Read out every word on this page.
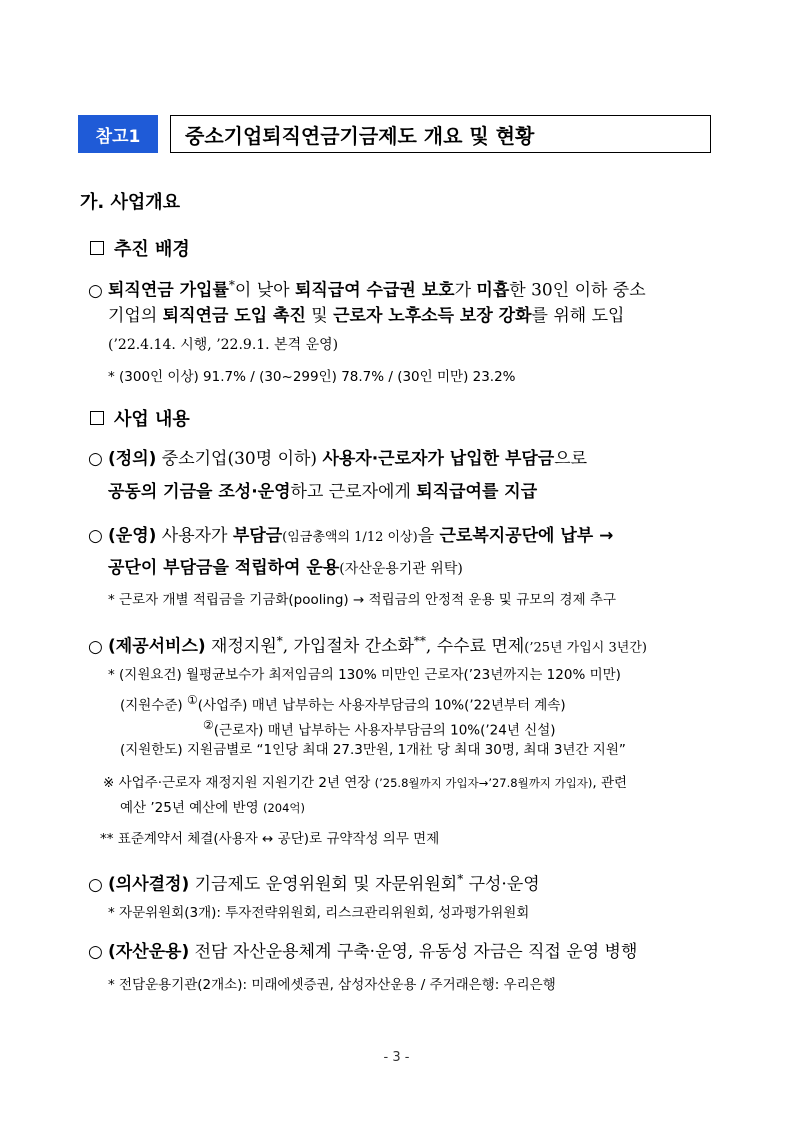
참고1	중소기업퇴직연금기금제도 개요 및 현황
가. 사업개요
추진 배경
○ 퇴직연금 가입률*이 낮아 퇴직급여 수급권 보호가 미흡한 30인 이하 중소
기업의 퇴직연금 도입 촉진 및 근로자 노후소득 보장 강화를 위해 도입
(’22.4.14. 시행, ’22.9.1. 본격 운영)
* (300인 이상) 91.7% / (30~299인) 78.7% / (30인 미만) 23.2%
사업 내용
○ (정의) 중소기업(30명 이하) 사용자·근로자가 납입한 부담금으로
공동의 기금을 조성·운영하고 근로자에게 퇴직급여를 지급
○ (운영) 사용자가 부담금(임금총액의 1/12 이상)을 근로복지공단에 납부 →
공단이 부담금을 적립하여 운용(자산운용기관 위탁)
* 근로자 개별 적립금을 기금화(pooling) → 적립금의 안정적 운용 및 규모의 경제 추구
○ (제공서비스) 재정지원*, 가입절차 간소화**, 수수료 면제(’25년 가입시 3년간)
* (지원요건) 월평균보수가 최저임금의 130% 미만인 근로자(’23년까지는 120% 미만)
(지원수준) ①(사업주) 매년 납부하는 사용자부담금의 10%(’22년부터 계속)
②(근로자) 매년 납부하는 사용자부담금의 10%(’24년 신설)
(지원한도) 지원금별로 “1인당 최대 27.3만원, 1개社 당 최대 30명, 최대 3년간 지원”
※ 사업주·근로자 재정지원 지원기간 2년 연장 (’25.8월까지 가입자→’27.8월까지 가입자), 관련
예산 ’25년 예산에 반영 (204억)
** 표준계약서 체결(사용자 ↔ 공단)로 규약작성 의무 면제
○ (의사결정) 기금제도 운영위원회 및 자문위원회* 구성·운영
* 자문위원회(3개): 투자전략위원회, 리스크관리위원회, 성과평가위원회
○ (자산운용) 전담 자산운용체계 구축·운영, 유동성 자금은 직접 운영 병행
* 전담운용기관(2개소): 미래에셋증권, 삼성자산운용 / 주거래은행: 우리은행
- 3 -
